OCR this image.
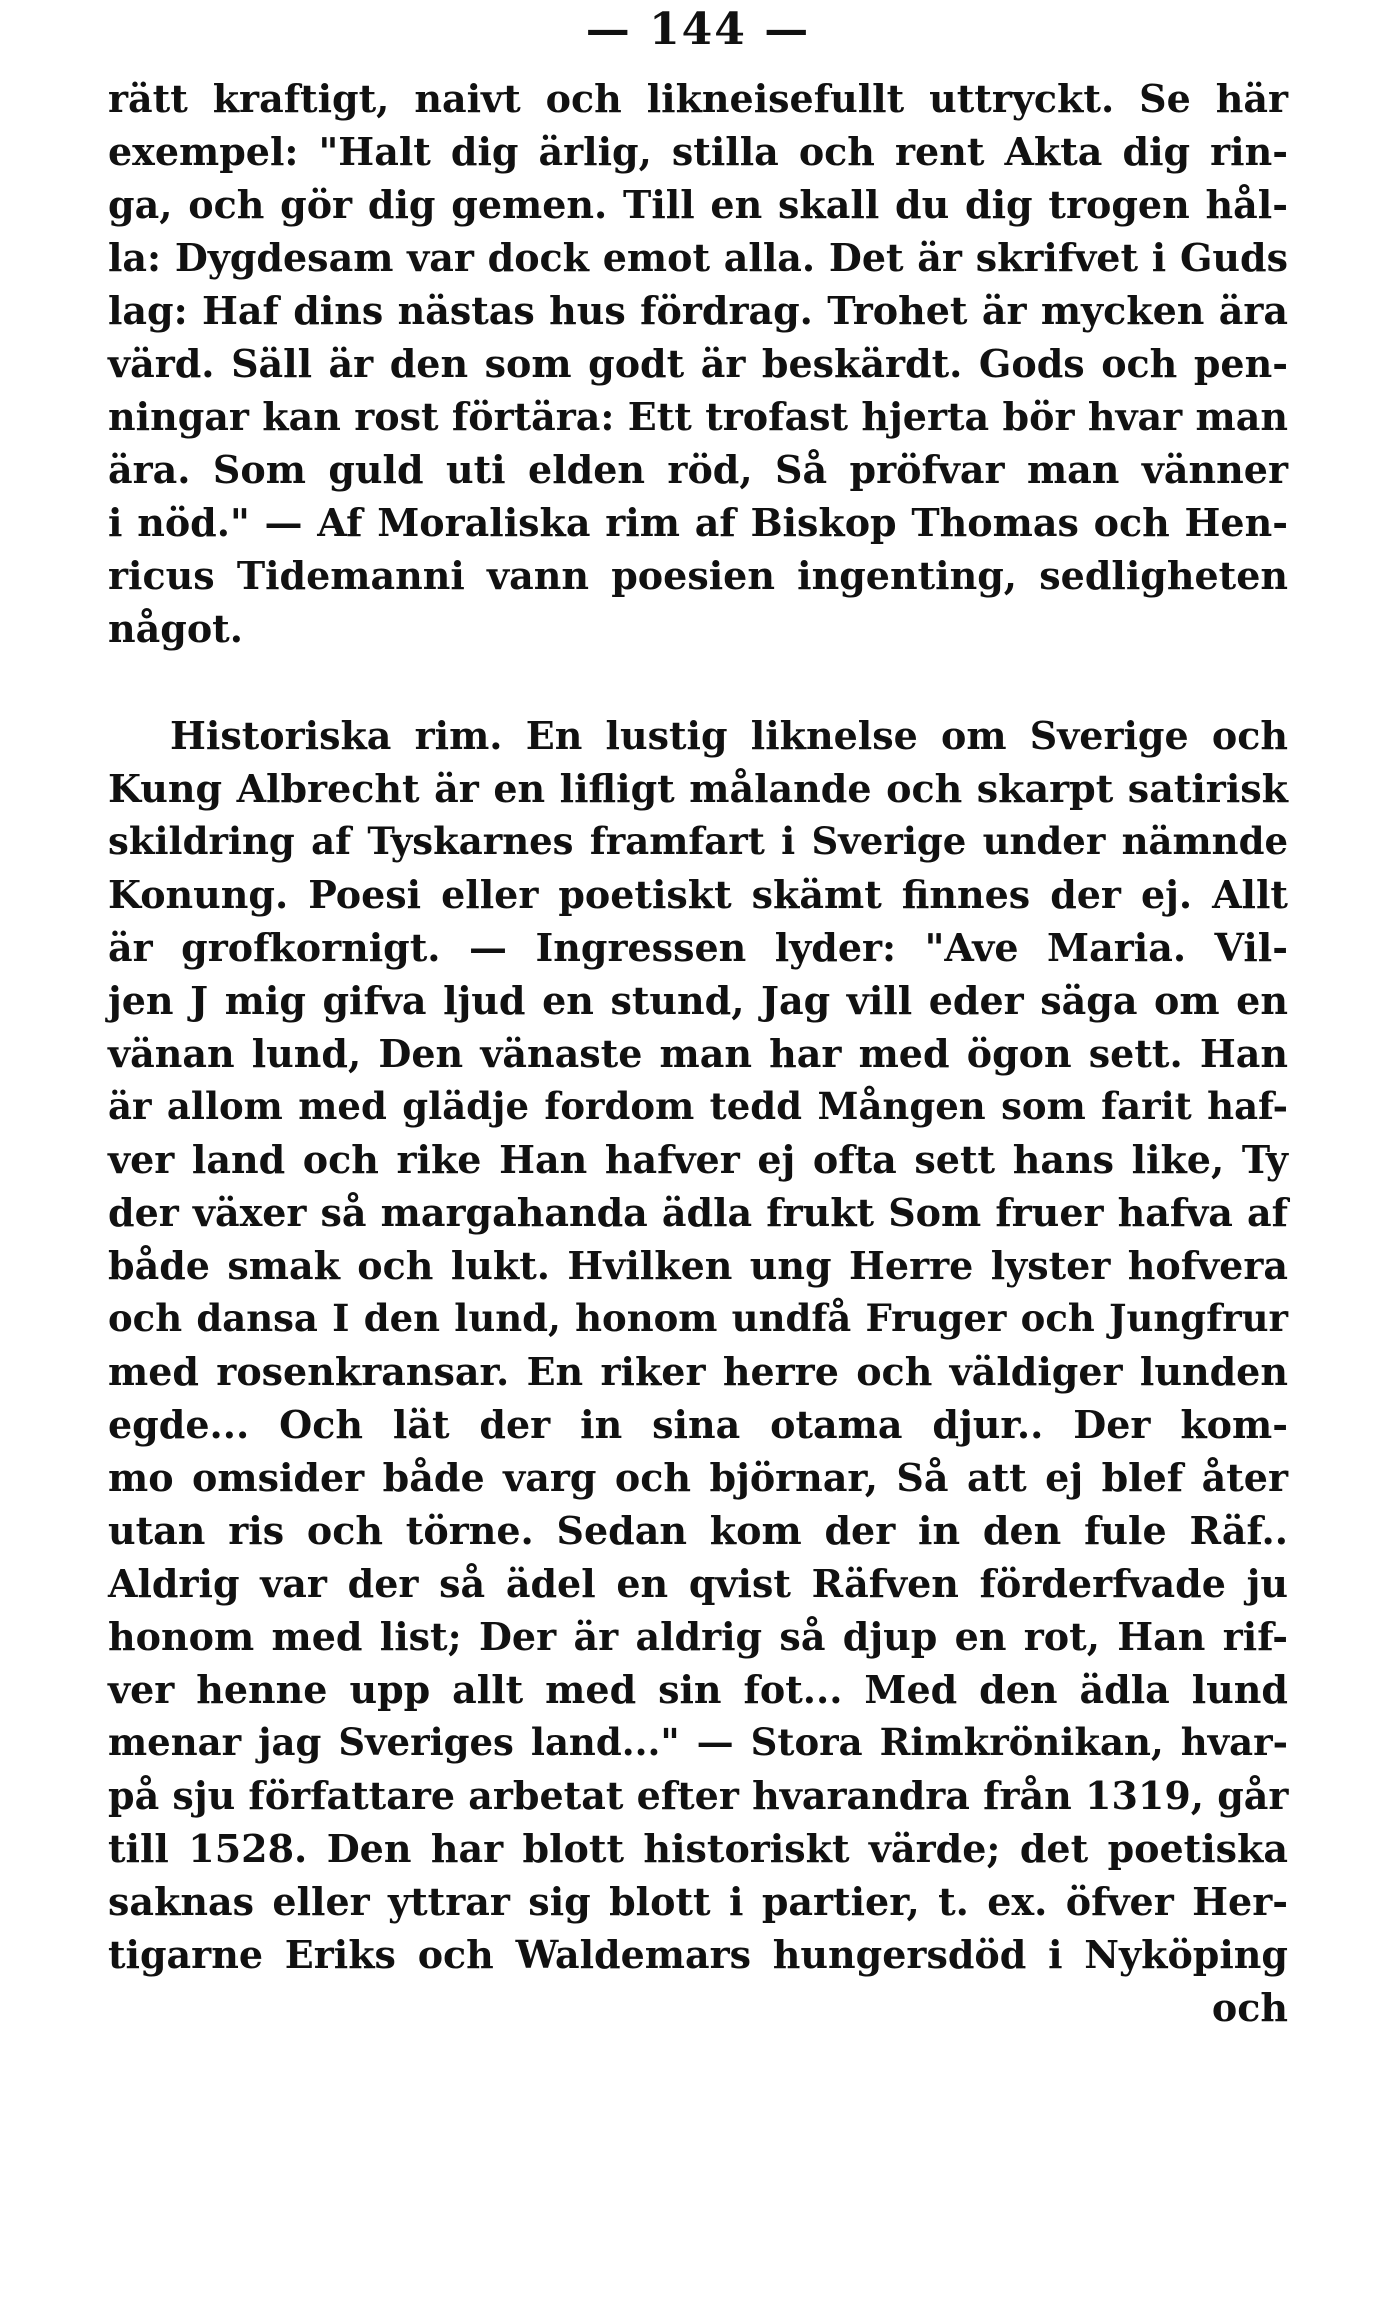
— 144 —

rätt kraftigt, naivt och likneisefullt uttryckt. Se här
exempel: "Halt dig ärlig, stilla och rent Akta dig rin-
ga, och gör dig gemen. Till en skall du dig trogen hål-
la: Dygdesam var dock emot alla. Det är skrifvet i Guds
lag: Haf dins nästas hus fördrag. Trohet är mycken ära
värd. Säll är den som godt är beskärdt. Gods och pen-
ningar kan rost förtära: Ett trofast hjerta bör hvar man
ära. Som guld uti elden röd, Så pröfvar man vänner
i nöd." — Af Moraliska rim af Biskop Thomas och Hen-
ricus Tidemanni vann poesien ingenting, sedligheten
något.

Historiska rim. En lustig liknelse om Sverige och
Kung Albrecht är en lifligt målande och skarpt satirisk
skildring af Tyskarnes framfart i Sverige under nämnde
Konung. Poesi eller poetiskt skämt finnes der ej. Allt
är grofkornigt. — Ingressen lyder: "Ave Maria. Vil-
jen J mig gifva ljud en stund, Jag vill eder säga om en
vänan lund, Den vänaste man har med ögon sett. Han
är allom med glädje fordom tedd Mången som farit haf-
ver land och rike Han hafver ej ofta sett hans like, Ty
der växer så margahanda ädla frukt Som fruer hafva af
både smak och lukt. Hvilken ung Herre lyster hofvera
och dansa I den lund, honom undfå Fruger och Jungfrur
med rosenkransar. En riker herre och väldiger lunden
egde... Och lät der in sina otama djur.. Der kom-
mo omsider både varg och björnar, Så att ej blef åter
utan ris och törne. Sedan kom der in den fule Räf..
Aldrig var der så ädel en qvist Räfven förderfvade ju
honom med list; Der är aldrig så djup en rot, Han rif-
ver henne upp allt med sin fot... Med den ädla lund
menar jag Sveriges land..." — Stora Rimkrönikan, hvar-
på sju författare arbetat efter hvarandra från 1319, går
till 1528. Den har blott historiskt värde; det poetiska
saknas eller yttrar sig blott i partier, t. ex. öfver Her-
tigarne Eriks och Waldemars hungersdöd i Nyköping
och
